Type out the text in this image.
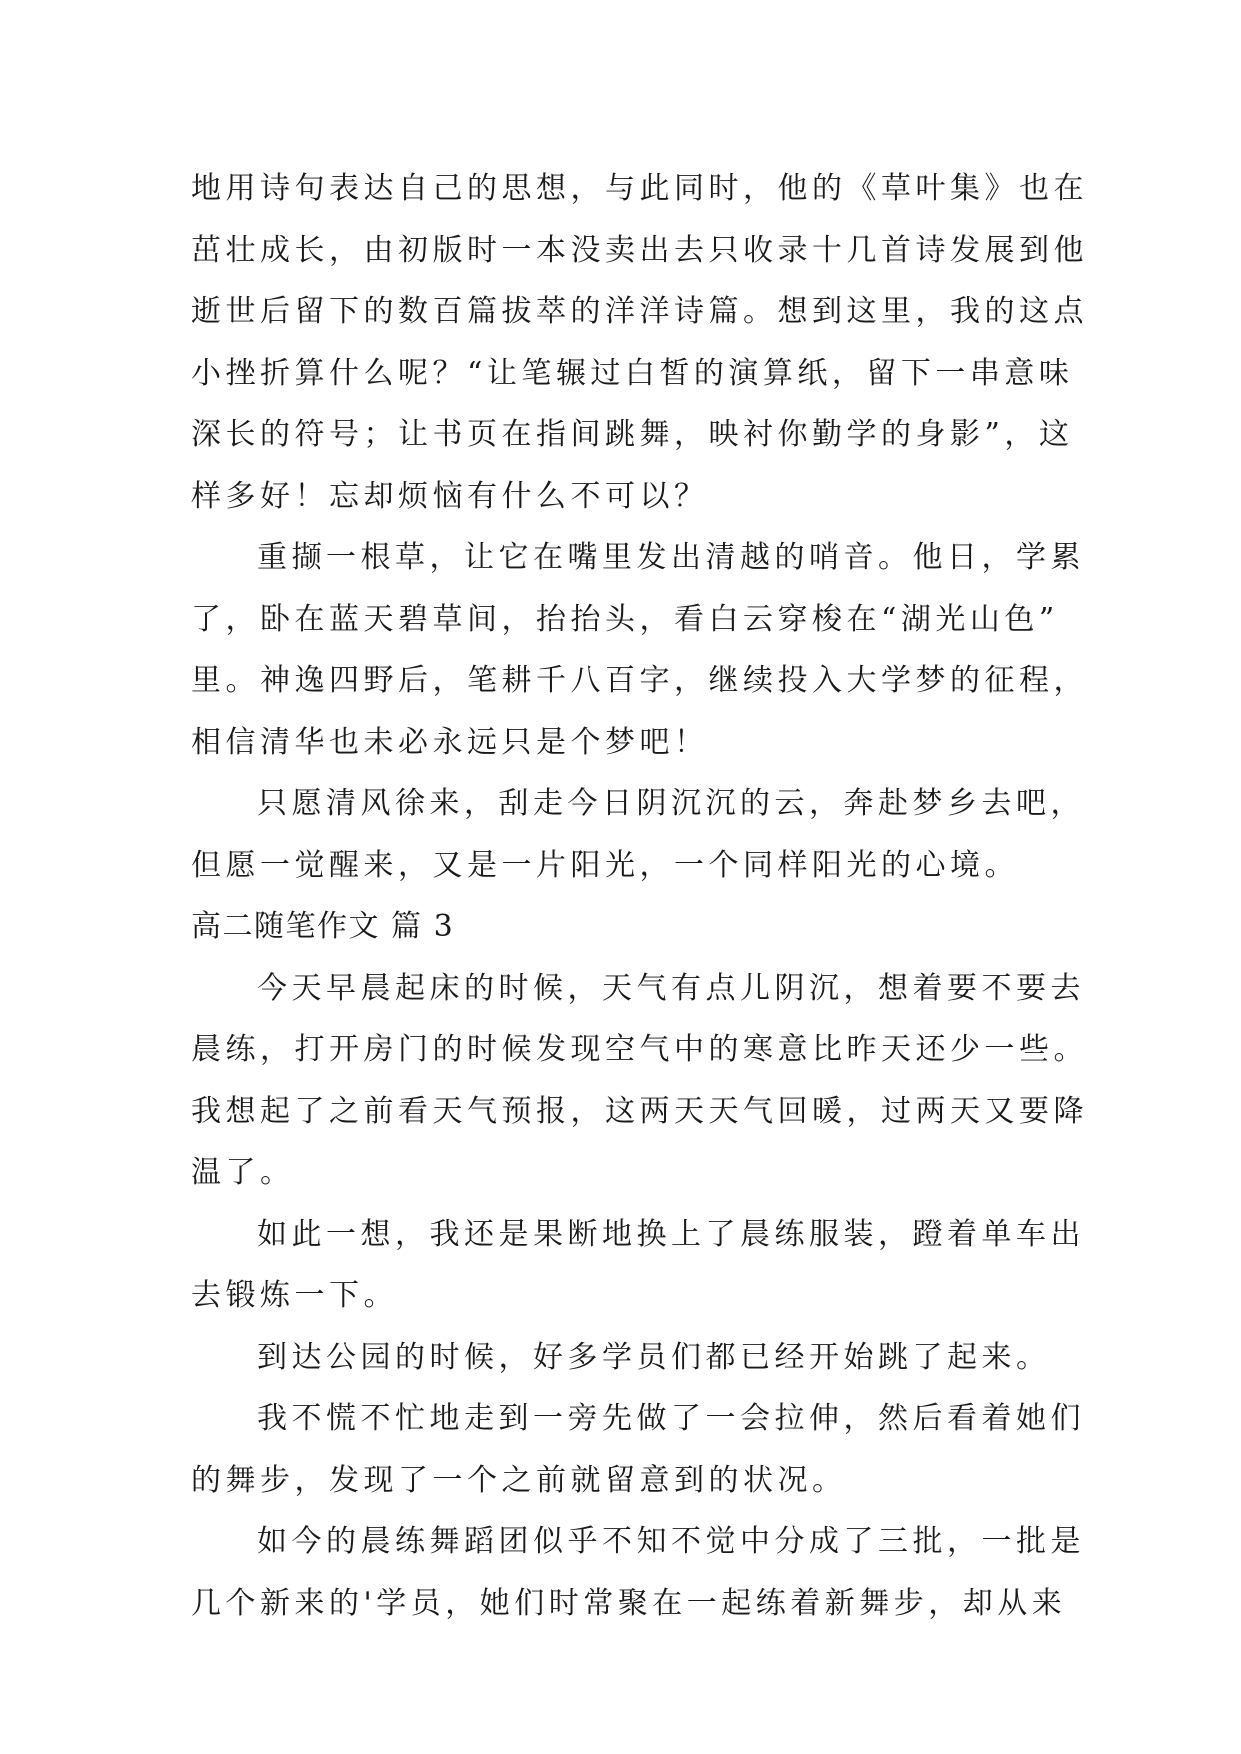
地用诗句表达自己的思想，与此同时，他的《草叶集》也在
茁壮成长，由初版时一本没卖出去只收录十几首诗发展到他
逝世后留下的数百篇拔萃的洋洋诗篇。想到这里，我的这点
小挫折算什么呢？“让笔辗过白皙的演算纸，留下一串意味
深长的符号；让书页在指间跳舞，映衬你勤学的身影”，这
样多好！忘却烦恼有什么不可以？
重撷一根草，让它在嘴里发出清越的哨音。他日，学累
了，卧在蓝天碧草间，抬抬头，看白云穿梭在“湖光山色”
里。神逸四野后，笔耕千八百字，继续投入大学梦的征程，
相信清华也未必永远只是个梦吧！
只愿清风徐来，刮走今日阴沉沉的云，奔赴梦乡去吧，
但愿一觉醒来，又是一片阳光，一个同样阳光的心境。
高二随笔作文 篇 3
今天早晨起床的时候，天气有点儿阴沉，想着要不要去
晨练，打开房门的时候发现空气中的寒意比昨天还少一些。
我想起了之前看天气预报，这两天天气回暖，过两天又要降
温了。
如此一想，我还是果断地换上了晨练服装，蹬着单车出
去锻炼一下。
到达公园的时候，好多学员们都已经开始跳了起来。
我不慌不忙地走到一旁先做了一会拉伸，然后看着她们
的舞步，发现了一个之前就留意到的状况。
如今的晨练舞蹈团似乎不知不觉中分成了三批，一批是
几个新来的'学员，她们时常聚在一起练着新舞步，却从来
